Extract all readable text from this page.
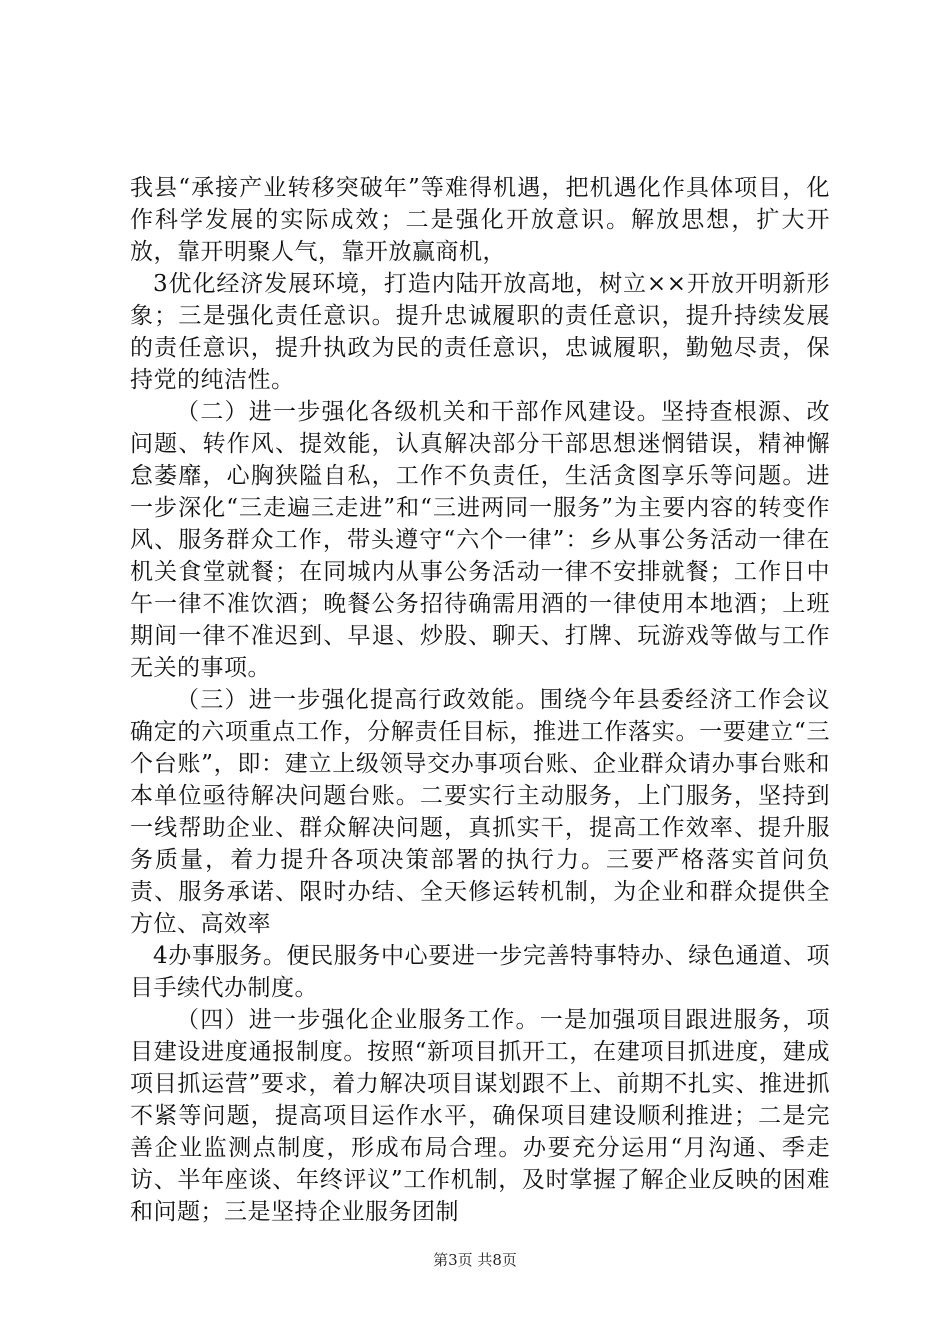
我县“承接产业转移突破年”等难得机遇，把机遇化作具体项目，化作科学发展的实际成效；二是强化开放意识。解放思想，扩大开放，靠开明聚人气，靠开放赢商机，

3优化经济发展环境，打造内陆开放高地，树立××开放开明新形象；三是强化责任意识。提升忠诚履职的责任意识，提升持续发展的责任意识，提升执政为民的责任意识，忠诚履职，勤勉尽责，保持党的纯洁性。

（二）进一步强化各级机关和干部作风建设。坚持查根源、改问题、转作风、提效能，认真解决部分干部思想迷惘错误，精神懈怠萎靡，心胸狭隘自私，工作不负责任，生活贪图享乐等问题。进一步深化“三走遍三走进”和“三进两同一服务”为主要内容的转变作风、服务群众工作，带头遵守“六个一律”：乡从事公务活动一律在机关食堂就餐；在同城内从事公务活动一律不安排就餐；工作日中午一律不准饮酒；晚餐公务招待确需用酒的一律使用本地酒；上班期间一律不准迟到、早退、炒股、聊天、打牌、玩游戏等做与工作无关的事项。

（三）进一步强化提高行政效能。围绕今年县委经济工作会议确定的六项重点工作，分解责任目标，推进工作落实。一要建立“三个台账”，即：建立上级领导交办事项台账、企业群众请办事台账和本单位亟待解决问题台账。二要实行主动服务，上门服务，坚持到一线帮助企业、群众解决问题，真抓实干，提高工作效率、提升服务质量，着力提升各项决策部署的执行力。三要严格落实首问负责、服务承诺、限时办结、全天修运转机制，为企业和群众提供全方位、高效率

4办事服务。便民服务中心要进一步完善特事特办、绿色通道、项目手续代办制度。

（四）进一步强化企业服务工作。一是加强项目跟进服务，项目建设进度通报制度。按照“新项目抓开工，在建项目抓进度，建成项目抓运营”要求，着力解决项目谋划跟不上、前期不扎实、推进抓不紧等问题，提高项目运作水平，确保项目建设顺利推进；二是完善企业监测点制度，形成布局合理。办要充分运用“月沟通、季走访、半年座谈、年终评议”工作机制，及时掌握了解企业反映的困难和问题；三是坚持企业服务团制

第3页 共8页
